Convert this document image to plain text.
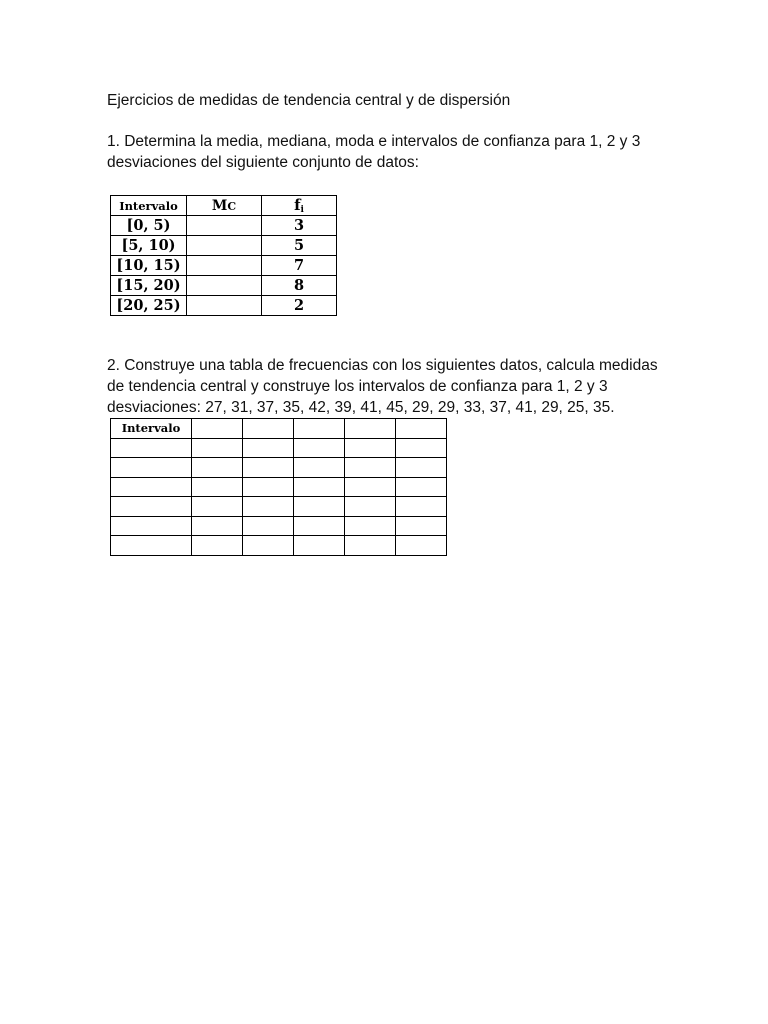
Ejercicios de medidas de tendencia central y de dispersión
1. Determina la media, mediana, moda e intervalos de confianza para 1, 2 y 3
desviaciones del siguiente conjunto de datos:
Intervalo	MC	$f_i$
[0, 5)		3
[5, 10)		5
[10, 15)		7
[15, 20)		8
[20, 25)		2
2. Construye una tabla de frecuencias con los siguientes datos, calcula medidas
de tendencia central y construye los intervalos de confianza para 1, 2 y 3
desviaciones: 27, 31, 37, 35, 42, 39, 41, 45, 29, 29, 33, 37, 41, 29, 25, 35.
Intervalo					
